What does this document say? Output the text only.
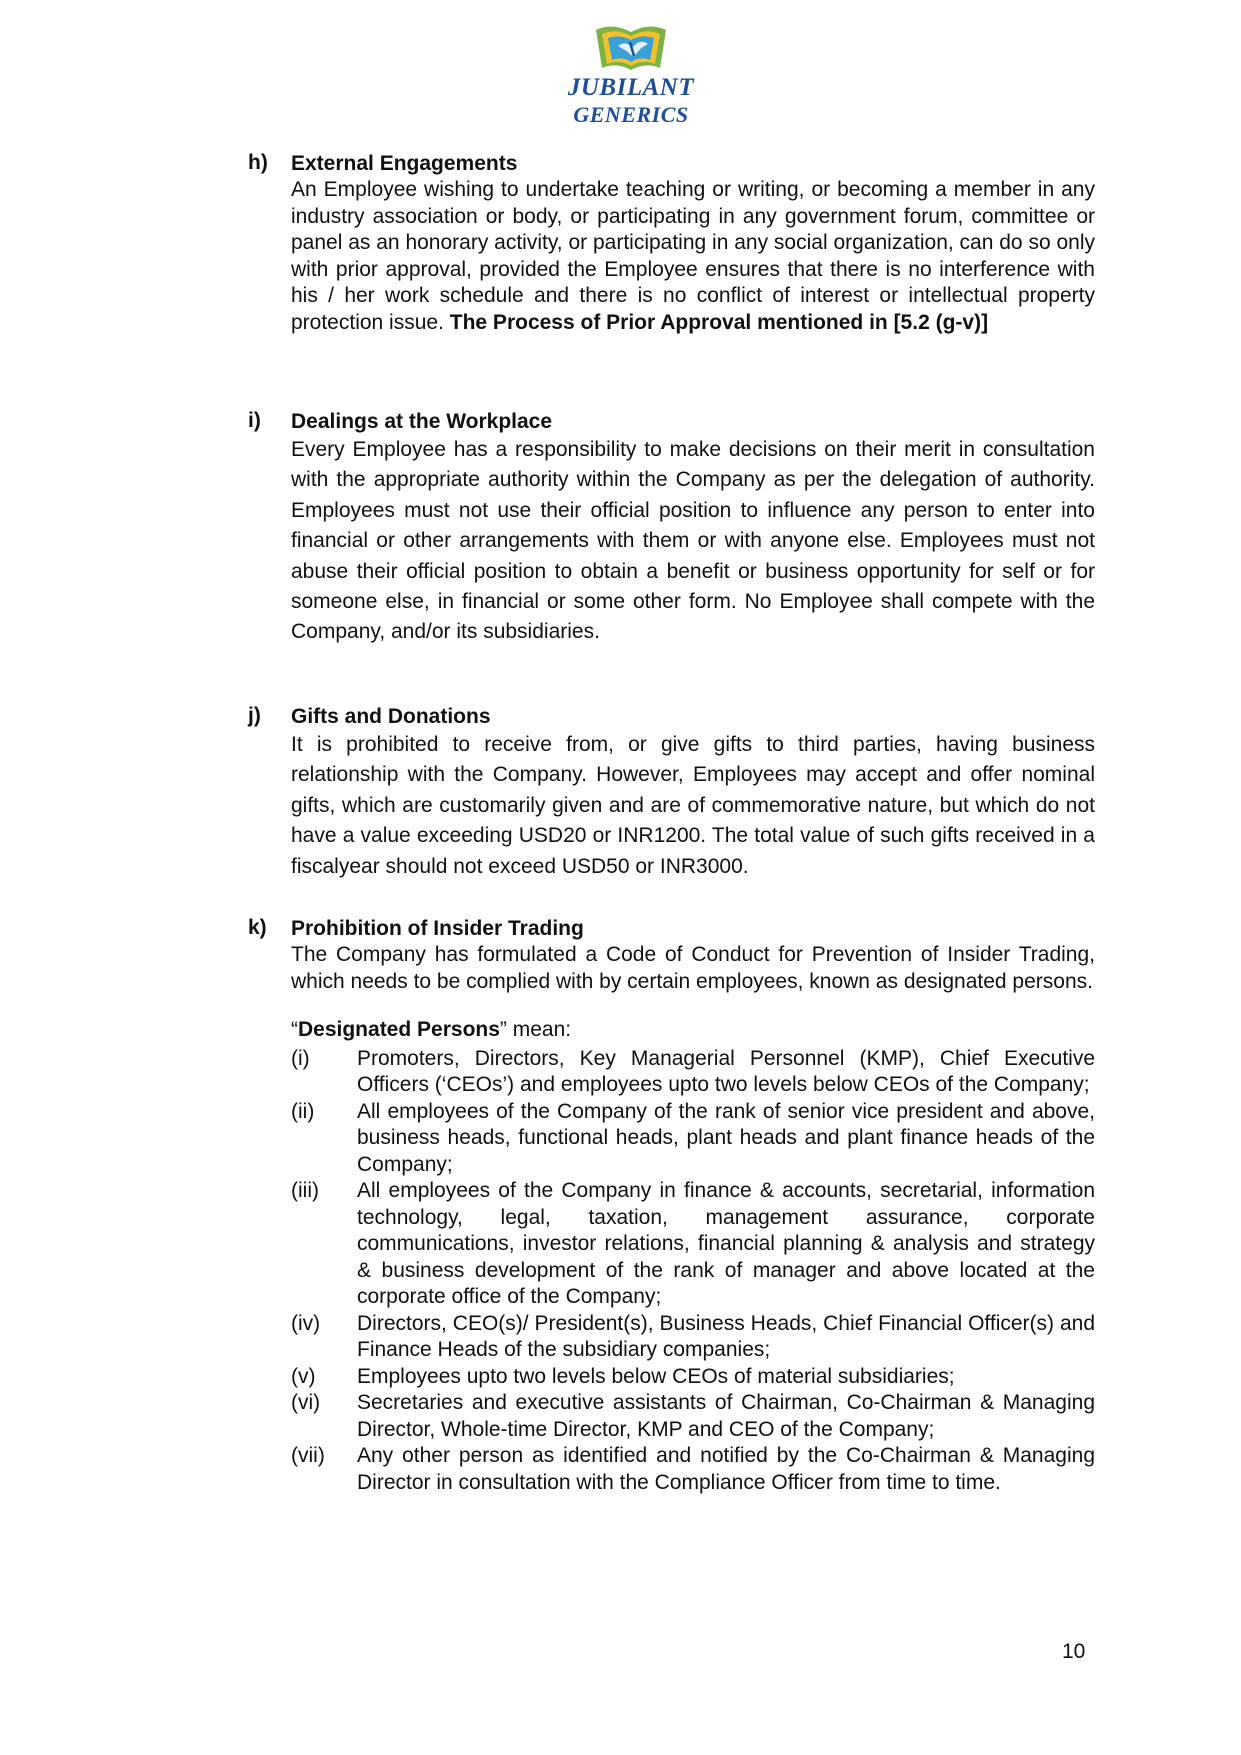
JUBILANT
GENERICS
h) External Engagements

An Employee wishing to undertake teaching or writing, or becoming a member in any industry association or body, or participating in any government forum, committee or panel as an honorary activity, or participating in any social organization, can do so only with prior approval, provided the Employee ensures that there is no interference with his / her work schedule and there is no conflict of interest or intellectual property protection issue. The Process of Prior Approval mentioned in [5.2 (g-v)]

i) Dealings at the Workplace

Every Employee has a responsibility to make decisions on their merit in consultation with the appropriate authority within the Company as per the delegation of authority. Employees must not use their official position to influence any person to enter into financial or other arrangements with them or with anyone else. Employees must not abuse their official position to obtain a benefit or business opportunity for self or for someone else, in financial or some other form. No Employee shall compete with the Company, and/or its subsidiaries.

j) Gifts and Donations

It is prohibited to receive from, or give gifts to third parties, having business relationship with the Company. However, Employees may accept and offer nominal gifts, which are customarily given and are of commemorative nature, but which do not have a value exceeding USD20 or INR1200. The total value of such gifts received in a fiscalyear should not exceed USD50 or INR3000.

k) Prohibition of Insider Trading

The Company has formulated a Code of Conduct for Prevention of Insider Trading, which needs to be complied with by certain employees, known as designated persons.

“Designated Persons” mean:
(i) Promoters, Directors, Key Managerial Personnel (KMP), Chief Executive Officers (‘CEOs’) and employees upto two levels below CEOs of the Company;
(ii) All employees of the Company of the rank of senior vice president and above, business heads, functional heads, plant heads and plant finance heads of the Company;
(iii) All employees of the Company in finance & accounts, secretarial, information technology, legal, taxation, management assurance, corporate communications, investor relations, financial planning & analysis and strategy & business development of the rank of manager and above located at the corporate office of the Company;
(iv) Directors, CEO(s)/ President(s), Business Heads, Chief Financial Officer(s) and Finance Heads of the subsidiary companies;
(v) Employees upto two levels below CEOs of material subsidiaries;
(vi) Secretaries and executive assistants of Chairman, Co-Chairman & Managing Director, Whole-time Director, KMP and CEO of the Company;
(vii) Any other person as identified and notified by the Co-Chairman & Managing Director in consultation with the Compliance Officer from time to time.
10
